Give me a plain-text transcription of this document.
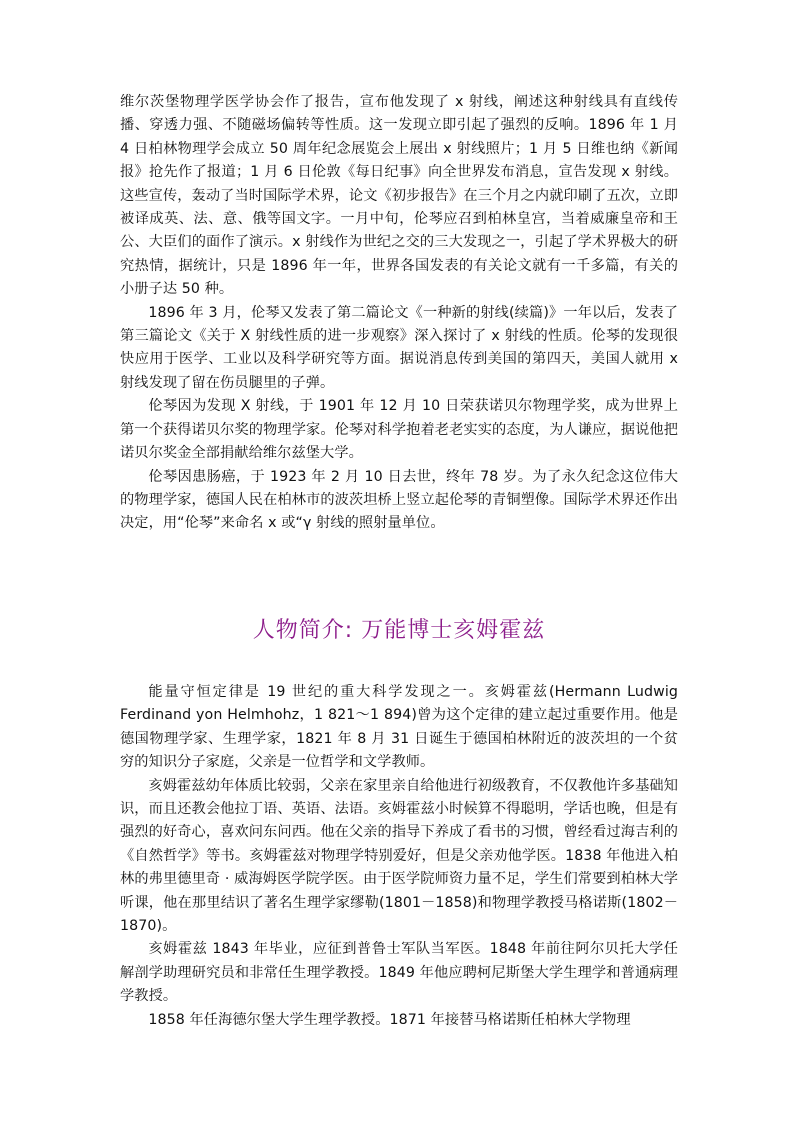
维尔茨堡物理学医学协会作了报告，宣布他发现了 x 射线，阐述这种射线具有直线传播、穿透力强、不随磁场偏转等性质。这一发现立即引起了强烈的反响。1896 年 1 月 4 日柏林物理学会成立 50 周年纪念展览会上展出 x 射线照片；1 月 5 日维也纳《新闻报》抢先作了报道；1 月 6 日伦敦《每日纪事》向全世界发布消息，宣告发现 x 射线。这些宣传，轰动了当时国际学术界，论文《初步报告》在三个月之内就印刷了五次，立即被译成英、法、意、俄等国文字。一月中旬，伦琴应召到柏林皇宫，当着威廉皇帝和王公、大臣们的面作了演示。x 射线作为世纪之交的三大发现之一，引起了学术界极大的研究热情，据统计，只是 1896 年一年，世界各国发表的有关论文就有一千多篇，有关的小册子达 50 种。

1896 年 3 月，伦琴又发表了第二篇论文《一种新的射线(续篇)》一年以后，发表了第三篇论文《关于 X 射线性质的进一步观察》深入探讨了 x 射线的性质。伦琴的发现很快应用于医学、工业以及科学研究等方面。据说消息传到美国的第四天，美国人就用 x 射线发现了留在伤员腿里的子弹。

伦琴因为发现 X 射线，于 1901 年 12 月 10 日荣获诺贝尔物理学奖，成为世界上第一个获得诺贝尔奖的物理学家。伦琴对科学抱着老老实实的态度，为人谦应，据说他把诺贝尔奖金全部捐献给维尔兹堡大学。

伦琴因患肠癌，于 1923 年 2 月 10 日去世，终年 78 岁。为了永久纪念这位伟大的物理学家，德国人民在柏林市的波茨坦桥上竖立起伦琴的青铜塑像。国际学术界还作出决定，用“伦琴”来命名 x 或“γ 射线的照射量单位。

人物简介: 万能博士亥姆霍兹

能量守恒定律是 19 世纪的重大科学发现之一。亥姆霍兹(Hermann Ludwig Ferdinand yon Helmhohz，1 821～1 894)曾为这个定律的建立起过重要作用。他是德国物理学家、生理学家，1821 年 8 月 31 日诞生于德国柏林附近的波茨坦的一个贫穷的知识分子家庭，父亲是一位哲学和文学教师。

亥姆霍兹幼年体质比较弱，父亲在家里亲自给他进行初级教育，不仅教他许多基础知识，而且还教会他拉丁语、英语、法语。亥姆霍兹小时候算不得聪明，学话也晚，但是有强烈的好奇心，喜欢问东问西。他在父亲的指导下养成了看书的习惯，曾经看过海吉利的《自然哲学》等书。亥姆霍兹对物理学特别爱好，但是父亲劝他学医。1838 年他进入柏林的弗里德里奇 · 威海姆医学院学医。由于医学院师资力量不足，学生们常要到柏林大学听课，他在那里结识了著名生理学家缪勒(1801－1858)和物理学教授马格诺斯(1802－1870)。

亥姆霍兹 1843 年毕业，应征到普鲁士军队当军医。1848 年前往阿尔贝托大学任解剖学助理研究员和非常任生理学教授。1849 年他应聘柯尼斯堡大学生理学和普通病理学教授。

1858 年任海德尔堡大学生理学教授。1871 年接替马格诺斯任柏林大学物理
